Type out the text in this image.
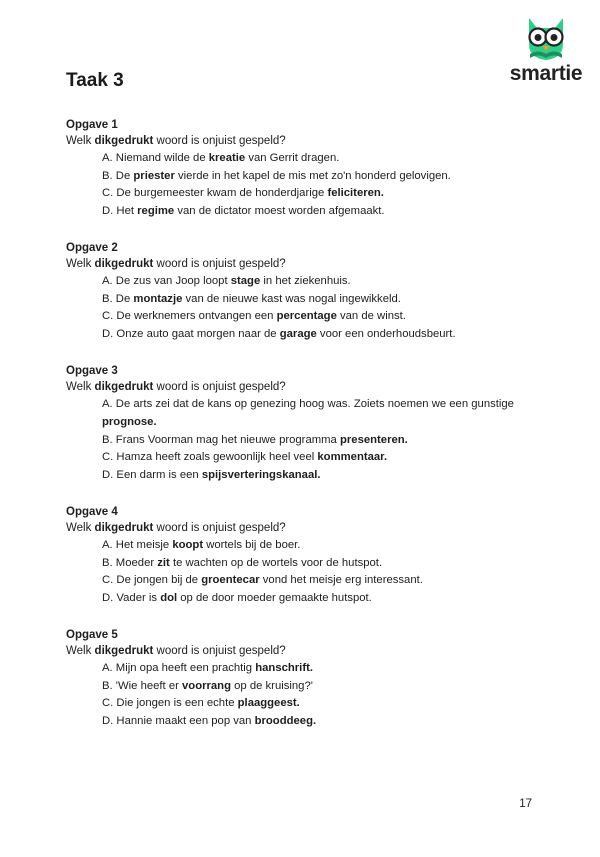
Taak 3	smartie
Opgave 1
Welk dikgedrukt woord is onjuist gespeld?
A. Niemand wilde de kreatie van Gerrit dragen.
B. De priester vierde in het kapel de mis met zo'n honderd gelovigen.
C. De burgemeester kwam de honderdjarige feliciteren.
D. Het regime van de dictator moest worden afgemaakt.
Opgave 2
Welk dikgedrukt woord is onjuist gespeld?
A. De zus van Joop loopt stage in het ziekenhuis.
B. De montazje van de nieuwe kast was nogal ingewikkeld.
C. De werknemers ontvangen een percentage van de winst.
D. Onze auto gaat morgen naar de garage voor een onderhoudsbeurt.
Opgave 3
Welk dikgedrukt woord is onjuist gespeld?
A. De arts zei dat de kans op genezing hoog was. Zoiets noemen we een gunstige
prognose.
B. Frans Voorman mag het nieuwe programma presenteren.
C. Hamza heeft zoals gewoonlijk heel veel kommentaar.
D. Een darm is een spijsverteringskanaal.
Opgave 4
Welk dikgedrukt woord is onjuist gespeld?
A. Het meisje koopt wortels bij de boer.
B. Moeder zit te wachten op de wortels voor de hutspot.
C. De jongen bij de groentecar vond het meisje erg interessant.
D. Vader is dol op de door moeder gemaakte hutspot.
Opgave 5
Welk dikgedrukt woord is onjuist gespeld?
A. Mijn opa heeft een prachtig hanschrift.
B. 'Wie heeft er voorrang op de kruising?'
C. Die jongen is een echte plaaggeest.
D. Hannie maakt een pop van brooddeeg.
17
